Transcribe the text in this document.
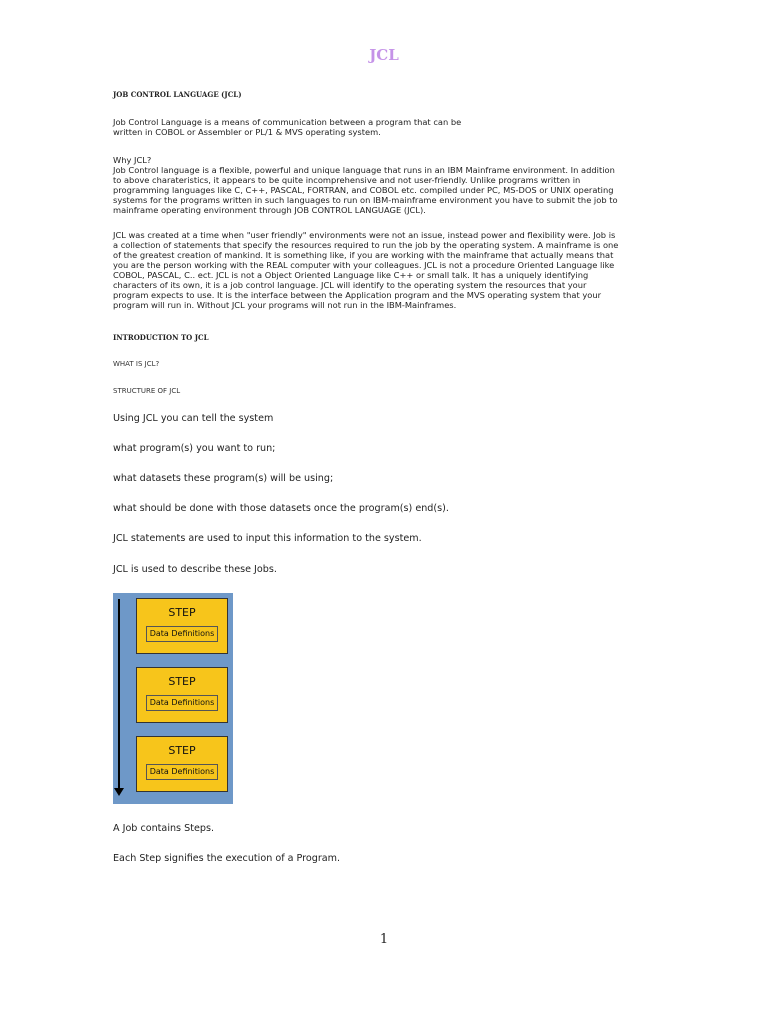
JCL
JOB CONTROL LANGUAGE (JCL)
Job Control Language is a means of communication between a program that can be
written in COBOL or Assembler or PL/1 & MVS operating system.
Why JCL?
Job Control language is a flexible, powerful and unique language that runs in an IBM Mainframe environment. In addition
to above charateristics, it appears to be quite incomprehensive and not user-friendly. Unlike programs written in
programming languages like C, C++, PASCAL, FORTRAN, and COBOL etc. compiled under PC, MS-DOS or UNIX operating
systems for the programs written in such languages to run on IBM-mainframe environment you have to submit the job to
mainframe operating environment through JOB CONTROL LANGUAGE (JCL).
JCL was created at a time when "user friendly" environments were not an issue, instead power and flexibility were. Job is
a collection of statements that specify the resources required to run the job by the operating system. A mainframe is one
of the greatest creation of mankind. It is something like, if you are working with the mainframe that actually means that
you are the person working with the REAL computer with your colleagues. JCL is not a procedure Oriented Language like
COBOL, PASCAL, C.. ect. JCL is not a Object Oriented Language like C++ or small talk. It has a uniquely identifying
characters of its own, it is a job control language. JCL will identify to the operating system the resources that your
program expects to use. It is the interface between the Application program and the MVS operating system that your
program will run in. Without JCL your programs will not run in the IBM-Mainframes.
INTRODUCTION TO JCL
WHAT IS JCL?
STRUCTURE OF JCL
Using JCL you can tell the system
what program(s) you want to run;
what datasets these program(s) will be using;
what should be done with those datasets once the program(s) end(s).
JCL statements are used to input this information to the system.
JCL is used to describe these Jobs.
STEP
Data Definitions
STEP
Data Definitions
STEP
Data Definitions
A Job contains Steps.
Each Step signifies the execution of a Program.
1
